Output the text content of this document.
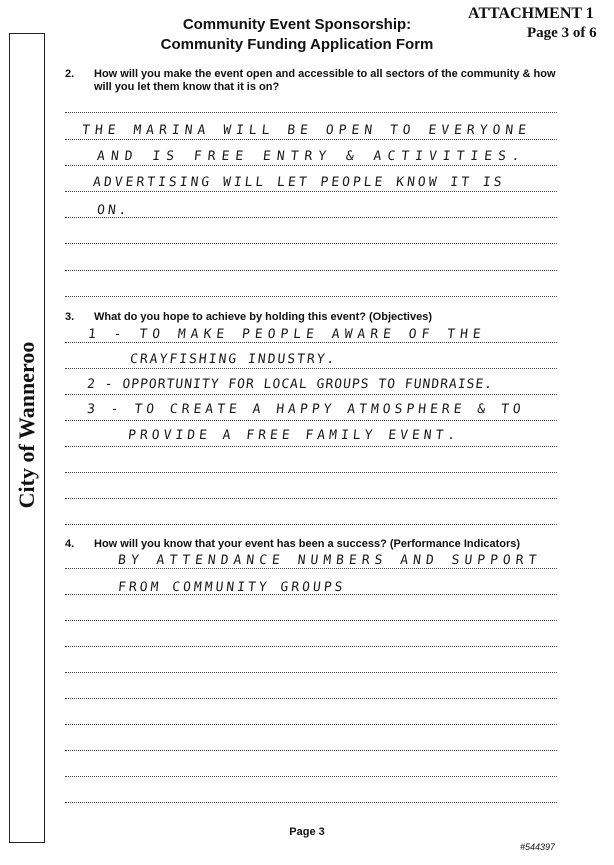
ATTACHMENT 1
Page 3 of 6
Community Event Sponsorship:
Community Funding Application Form
City of Wanneroo
2. How will you make the event open and accessible to all sectors of the community & how will you let them know that it is on?
THE MARINA WILL BE OPEN TO EVERYONE
AND IS FREE ENTRY & ACTIVITIES.
ADVERTISING WILL LET PEOPLE KNOW IT IS
ON.
3. What do you hope to achieve by holding this event? (Objectives)
1 - TO MAKE PEOPLE AWARE OF THE
CRAYFISHING INDUSTRY.
2 - OPPORTUNITY FOR LOCAL GROUPS TO FUNDRAISE.
3 - TO CREATE A HAPPY ATMOSPHERE & TO
PROVIDE A FREE FAMILY EVENT.
4. How will you know that your event has been a success? (Performance Indicators)
BY ATTENDANCE NUMBERS AND SUPPORT
FROM COMMUNITY GROUPS
Page 3
#544397
